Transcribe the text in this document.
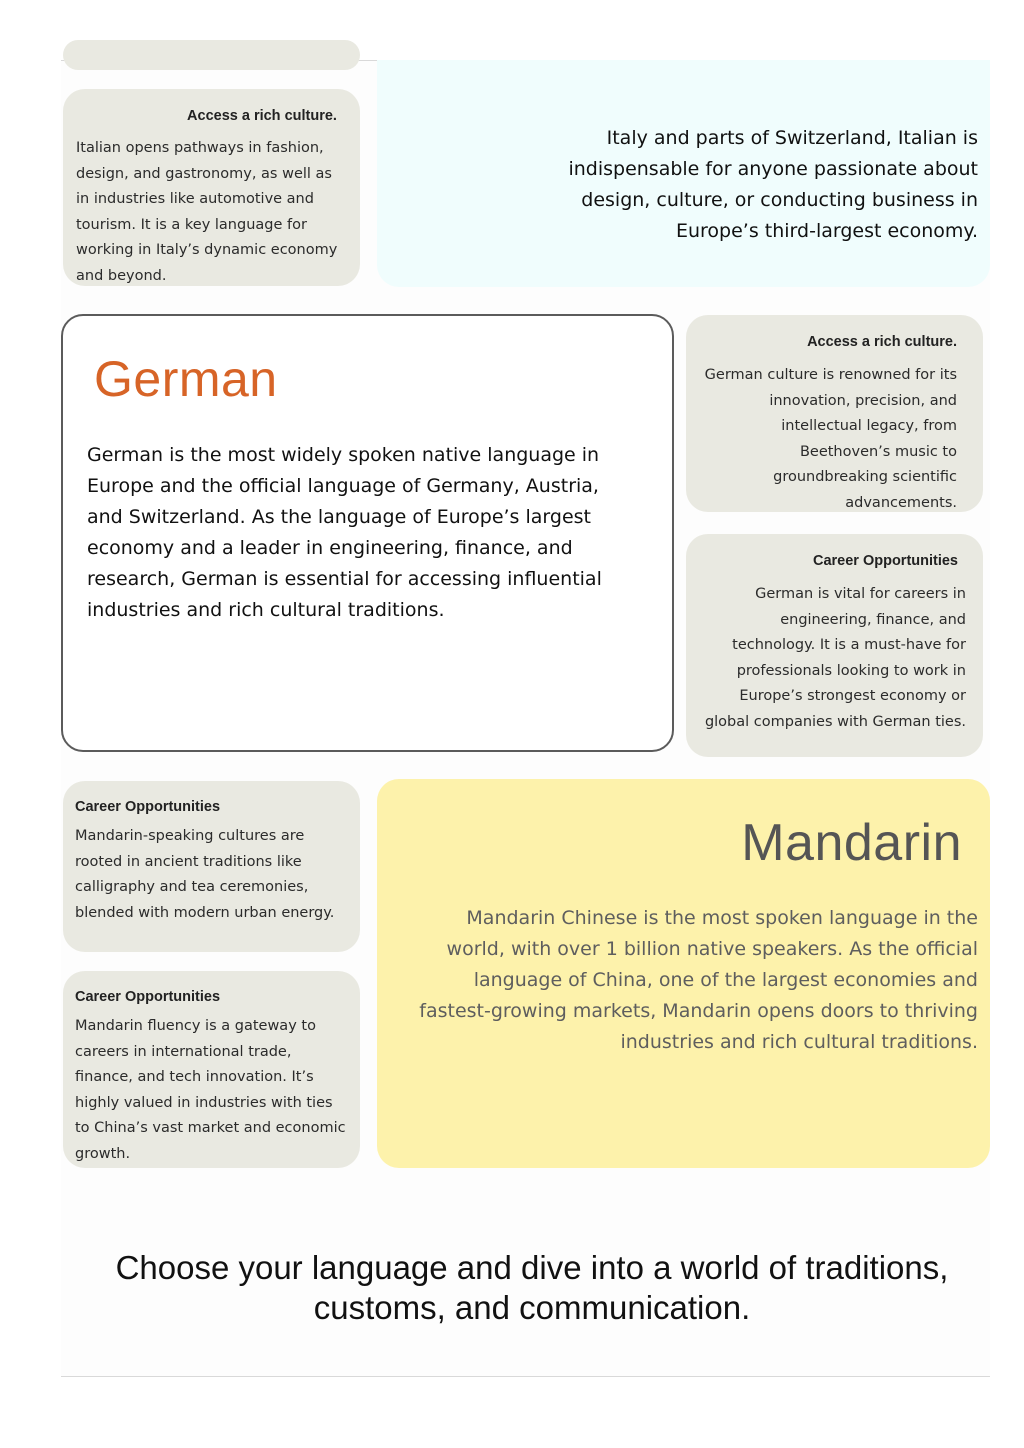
Access a rich culture.

Italian opens pathways in fashion, design, and gastronomy, as well as in industries like automotive and tourism. It is a key language for working in Italy’s dynamic economy and beyond.

Italy and parts of Switzerland, Italian is indispensable for anyone passionate about design, culture, or conducting business in Europe’s third-largest economy.

German

German is the most widely spoken native language in Europe and the official language of Germany, Austria, and Switzerland. As the language of Europe’s largest economy and a leader in engineering, finance, and research, German is essential for accessing influential industries and rich cultural traditions.

Access a rich culture.

German culture is renowned for its innovation, precision, and intellectual legacy, from Beethoven’s music to groundbreaking scientific advancements.

Career Opportunities

German is vital for careers in engineering, finance, and technology. It is a must-have for professionals looking to work in Europe’s strongest economy or global companies with German ties.

Career Opportunities

Mandarin-speaking cultures are rooted in ancient traditions like calligraphy and tea ceremonies, blended with modern urban energy.

Career Opportunities

Mandarin fluency is a gateway to careers in international trade, finance, and tech innovation. It’s highly valued in industries with ties to China’s vast market and economic growth.

Mandarin

Mandarin Chinese is the most spoken language in the world, with over 1 billion native speakers. As the official language of China, one of the largest economies and fastest-growing markets, Mandarin opens doors to thriving industries and rich cultural traditions.

Choose your language and dive into a world of traditions, customs, and communication.
